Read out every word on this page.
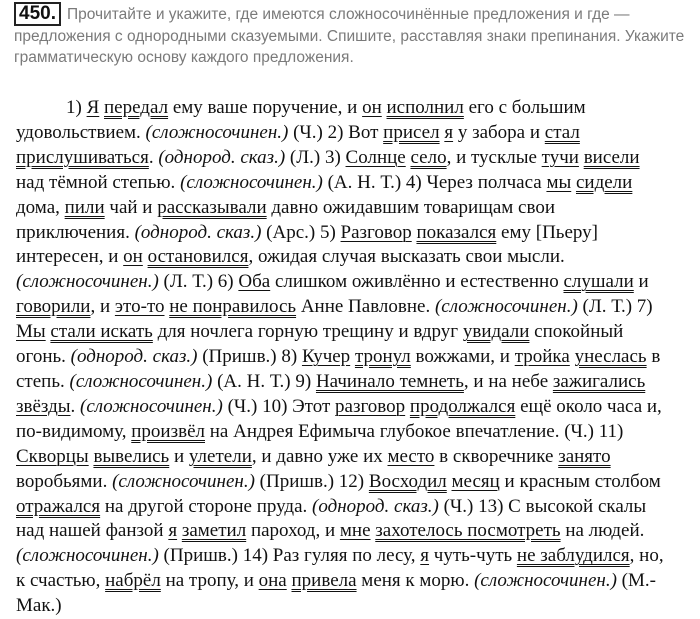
450. Прочитайте и укажите, где имеются сложносочинённые предложения и где —
предложения с однородными сказуемыми. Спишите, расставляя знаки препинания. Укажите
грамматическую основу каждого предложения.
1) Я передал ему ваше поручение, и он исполнил его с большим
удовольствием. (сложносочинен.) (Ч.) 2) Вот присел я у забора и стал
прислушиваться. (однород. сказ.) (Л.) 3) Солнце село, и тусклые тучи висели
над тёмной степью. (сложносочинен.) (А. Н. Т.) 4) Через полчаса мы сидели
дома, пили чай и рассказывали давно ожидавшим товарищам свои
приключения. (однород. сказ.) (Арс.) 5) Разговор показался ему [Пьеру]
интересен, и он остановился, ожидая случая высказать свои мысли.
(сложносочинен.) (Л. Т.) 6) Оба слишком оживлённо и естественно слушали и
говорили, и это-то не понравилось Анне Павловне. (сложносочинен.) (Л. Т.) 7)
Мы стали искать для ночлега горную трещину и вдруг увидали спокойный
огонь. (однород. сказ.) (Пришв.) 8) Кучер тронул вожжами, и тройка унеслась в
степь. (сложносочинен.) (А. Н. Т.) 9) Начинало темнеть, и на небе зажигались
звёзды. (сложносочинен.) (Ч.) 10) Этот разговор продолжался ещё около часа и,
по-видимому, произвёл на Андрея Ефимыча глубокое впечатление. (Ч.) 11)
Скворцы вывелись и улетели, и давно уже их место в скворечнике занято
воробьями. (сложносочинен.) (Пришв.) 12) Восходил месяц и красным столбом
отражался на другой стороне пруда. (однород. сказ.) (Ч.) 13) С высокой скалы
над нашей фанзой я заметил пароход, и мне захотелось посмотреть на людей.
(сложносочинен.) (Пришв.) 14) Раз гуляя по лесу, я чуть-чуть не заблудился, но,
к счастью, набрёл на тропу, и она привела меня к морю. (сложносочинен.) (М.-
Мак.)
